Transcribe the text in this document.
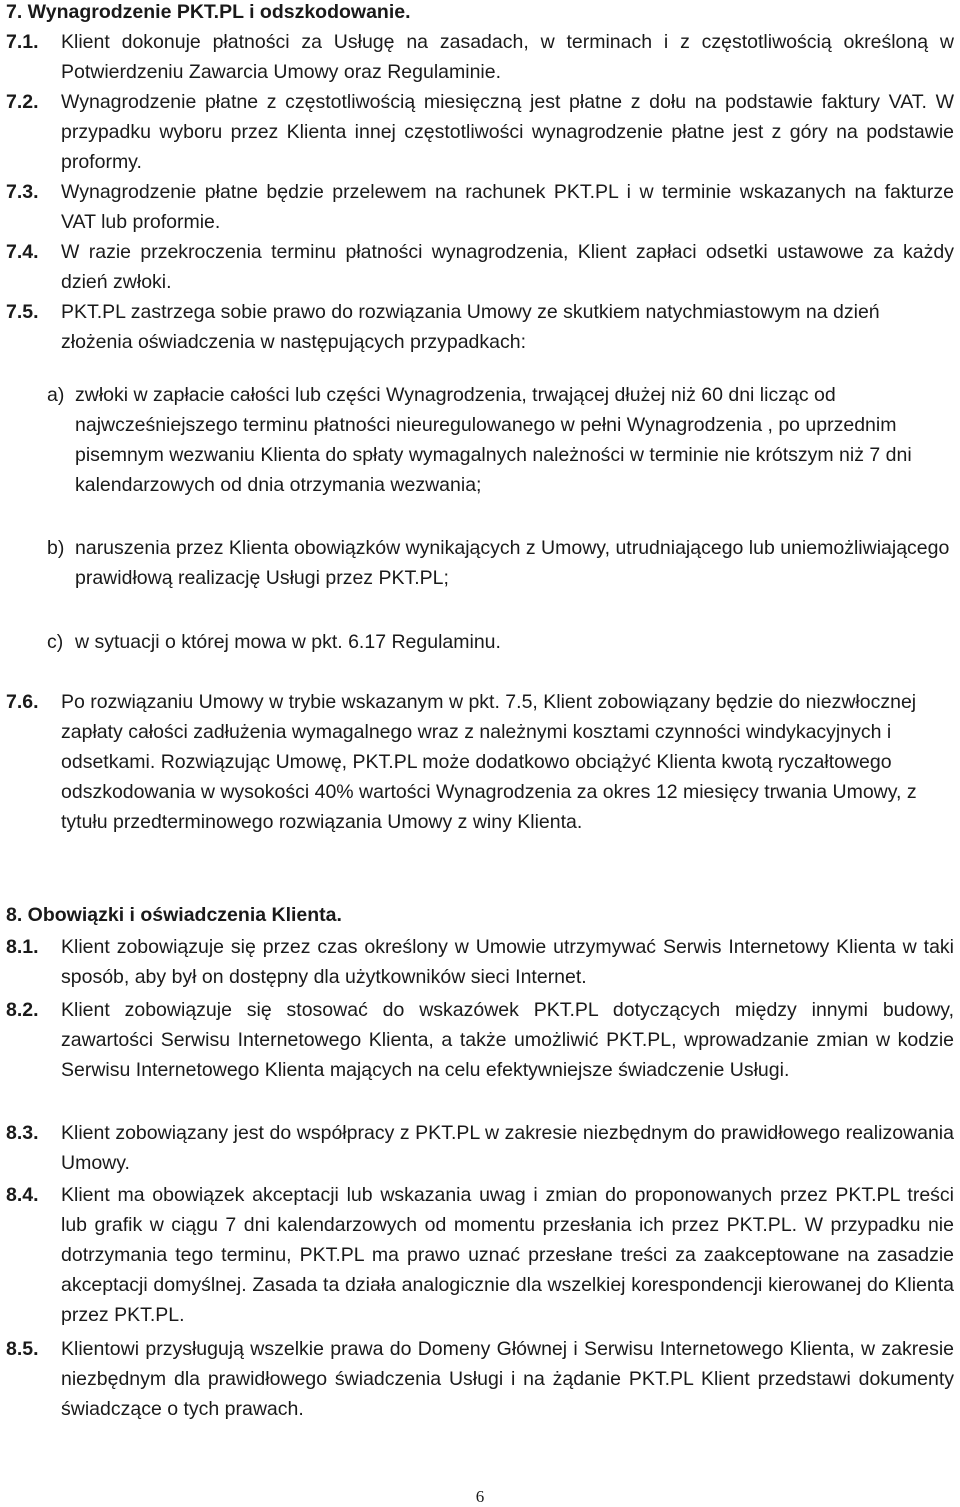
7. Wynagrodzenie PKT.PL i odszkodowanie.
7.1. Klient dokonuje płatności za Usługę na zasadach, w terminach i z częstotliwością określoną w Potwierdzeniu Zawarcia Umowy oraz Regulaminie.
7.2. Wynagrodzenie płatne z częstotliwością miesięczną jest płatne z dołu na podstawie faktury VAT. W przypadku wyboru przez Klienta innej częstotliwości wynagrodzenie płatne jest z góry na podstawie proformy.
7.3. Wynagrodzenie płatne będzie przelewem na rachunek PKT.PL i w terminie wskazanych na fakturze VAT lub proformie.
7.4. W razie przekroczenia terminu płatności wynagrodzenia, Klient zapłaci odsetki ustawowe za każdy dzień zwłoki.
7.5. PKT.PL zastrzega sobie prawo do rozwiązania Umowy ze skutkiem natychmiastowym na dzień złożenia oświadczenia w następujących przypadkach:
a) zwłoki w zapłacie całości lub części Wynagrodzenia, trwającej dłużej niż 60 dni licząc od najwcześniejszego terminu płatności nieuregulowanego w pełni Wynagrodzenia , po uprzednim pisemnym wezwaniu Klienta do spłaty wymagalnych należności w terminie nie krótszym niż 7 dni kalendarzowych od dnia otrzymania wezwania;
b) naruszenia przez Klienta obowiązków wynikających z Umowy, utrudniającego lub uniemożliwiającego prawidłową realizację Usługi przez PKT.PL;
c) w sytuacji o której mowa w pkt. 6.17 Regulaminu.
7.6. Po rozwiązaniu Umowy w trybie wskazanym w pkt. 7.5, Klient zobowiązany będzie do niezwłocznej zapłaty całości zadłużenia wymagalnego wraz z należnymi kosztami czynności windykacyjnych i odsetkami. Rozwiązując Umowę, PKT.PL może dodatkowo obciążyć Klienta kwotą ryczałtowego odszkodowania w wysokości 40% wartości Wynagrodzenia za okres 12 miesięcy trwania Umowy, z tytułu przedterminowego rozwiązania Umowy z winy Klienta.
8. Obowiązki i oświadczenia Klienta.
8.1. Klient zobowiązuje się przez czas określony w Umowie utrzymywać Serwis Internetowy Klienta w taki sposób, aby był on dostępny dla użytkowników sieci Internet.
8.2. Klient zobowiązuje się stosować do wskazówek PKT.PL dotyczących między innymi budowy, zawartości Serwisu Internetowego Klienta, a także umożliwić PKT.PL, wprowadzanie zmian w kodzie Serwisu Internetowego Klienta mających na celu efektywniejsze świadczenie Usługi.
8.3. Klient zobowiązany jest do współpracy z PKT.PL w zakresie niezbędnym do prawidłowego realizowania Umowy.
8.4. Klient ma obowiązek akceptacji lub wskazania uwag i zmian do proponowanych przez PKT.PL treści lub grafik w ciągu 7 dni kalendarzowych od momentu przesłania ich przez PKT.PL. W przypadku nie dotrzymania tego terminu, PKT.PL ma prawo uznać przesłane treści za zaakceptowane na zasadzie akceptacji domyślnej. Zasada ta działa analogicznie dla wszelkiej korespondencji kierowanej do Klienta przez PKT.PL.
8.5. Klientowi przysługują wszelkie prawa do Domeny Głównej i Serwisu Internetowego Klienta, w zakresie niezbędnym dla prawidłowego świadczenia Usługi i na żądanie PKT.PL Klient przedstawi dokumenty świadczące o tych prawach.
6
